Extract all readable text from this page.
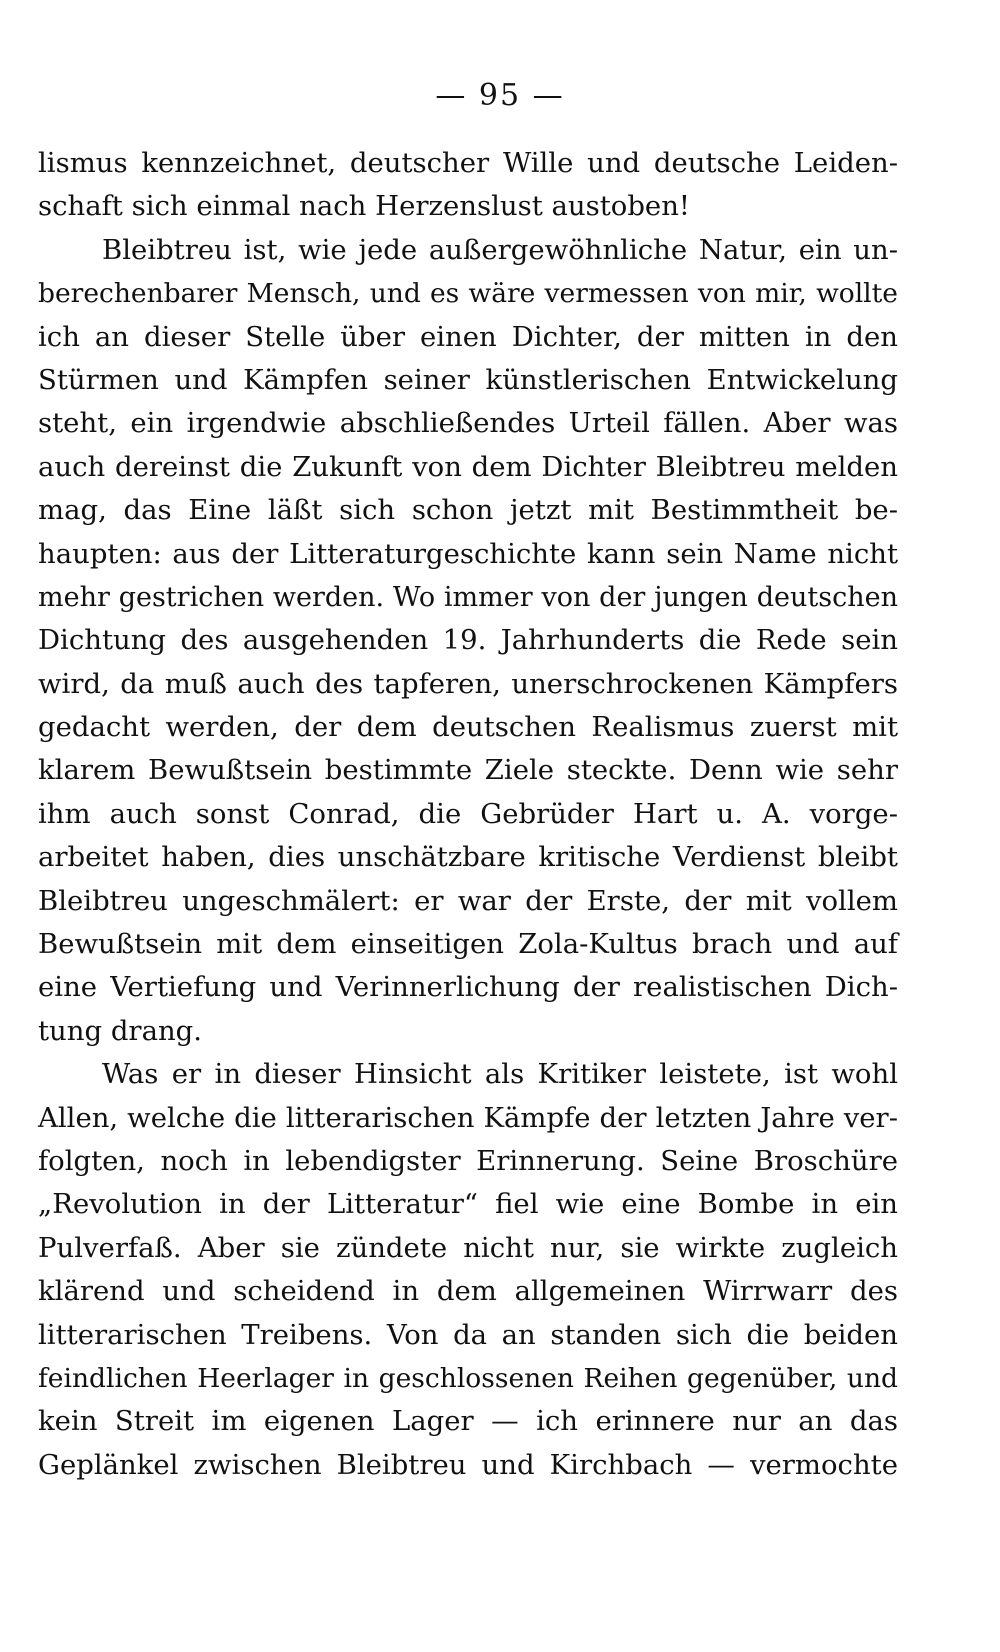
— 95 —
lismus kennzeichnet, deutscher Wille und deutsche Leiden-
schaft sich einmal nach Herzenslust austoben!
Bleibtreu ist, wie jede außergewöhnliche Natur, ein un-
berechenbarer Mensch, und es wäre vermessen von mir, wollte
ich an dieser Stelle über einen Dichter, der mitten in den
Stürmen und Kämpfen seiner künstlerischen Entwickelung
steht, ein irgendwie abschließendes Urteil fällen. Aber was
auch dereinst die Zukunft von dem Dichter Bleibtreu melden
mag, das Eine läßt sich schon jetzt mit Bestimmtheit be-
haupten: aus der Litteraturgeschichte kann sein Name nicht
mehr gestrichen werden. Wo immer von der jungen deutschen
Dichtung des ausgehenden 19. Jahrhunderts die Rede sein
wird, da muß auch des tapferen, unerschrockenen Kämpfers
gedacht werden, der dem deutschen Realismus zuerst mit
klarem Bewußtsein bestimmte Ziele steckte. Denn wie sehr
ihm auch sonst Conrad, die Gebrüder Hart u. A. vorge-
arbeitet haben, dies unschätzbare kritische Verdienst bleibt
Bleibtreu ungeschmälert: er war der Erste, der mit vollem
Bewußtsein mit dem einseitigen Zola-Kultus brach und auf
eine Vertiefung und Verinnerlichung der realistischen Dich-
tung drang.
Was er in dieser Hinsicht als Kritiker leistete, ist wohl
Allen, welche die litterarischen Kämpfe der letzten Jahre ver-
folgten, noch in lebendigster Erinnerung. Seine Broschüre
„Revolution in der Litteratur“ fiel wie eine Bombe in ein
Pulverfaß. Aber sie zündete nicht nur, sie wirkte zugleich
klärend und scheidend in dem allgemeinen Wirrwarr des
litterarischen Treibens. Von da an standen sich die beiden
feindlichen Heerlager in geschlossenen Reihen gegenüber, und
kein Streit im eigenen Lager — ich erinnere nur an das
Geplänkel zwischen Bleibtreu und Kirchbach — vermochte
